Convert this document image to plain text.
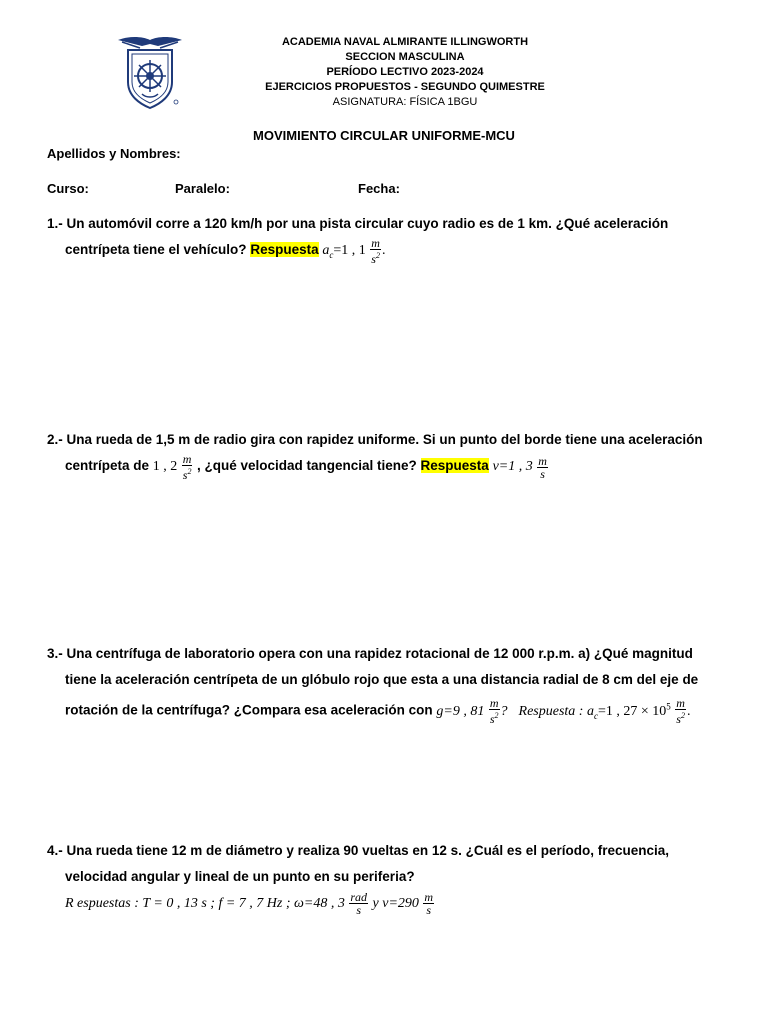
ACADEMIA NAVAL ALMIRANTE ILLINGWORTH
SECCION MASCULINA
PERÍODO LECTIVO 2023-2024
EJERCICIOS PROPUESTOS - SEGUNDO QUIMESTRE
ASIGNATURA: FÍSICA 1BGU
MOVIMIENTO CIRCULAR UNIFORME-MCU
Apellidos y Nombres:
Curso:	Paralelo:	Fecha:
1.- Un automóvil corre a 120 km/h por una pista circular cuyo radio es de 1 km. ¿Qué aceleración
centrípeta tiene el vehículo? Respuesta $a_c=1$ , $1 \frac{m}{s^2}$ .
2.- Una rueda de 1,5 m de radio gira con rapidez uniforme. Si un punto del borde tiene una aceleración
centrípeta de 1 , $2 \frac{m}{s^2}$ , ¿qué velocidad tangencial tiene? Respuesta v=1 , $3 \frac{m}{s}$
3.- Una centrífuga de laboratorio opera con una rapidez rotacional de 12 000 r.p.m. a) ¿Qué magnitud
tiene la aceleración centrípeta de un glóbulo rojo que esta a una distancia radial de 8 cm del eje de
rotación de la centrífuga? ¿Compara esa aceleración con g=9 , $81 \frac{m}{s^2}$ ? Respuesta : $a_c=1$ , $27 \times 10^5 \frac{m}{s^2}$ .
4.- Una rueda tiene 12 m de diámetro y realiza 90 vueltas en 12 s. ¿Cuál es el período, frecuencia,
velocidad angular y lineal de un punto en su periferia?
R espuestas : T = 0 , 13 s ; f = 7 , 7 Hz ; ω=48 , $3 \frac{\text{rad}}{s}$ y $v=290 \frac{m}{s}$
